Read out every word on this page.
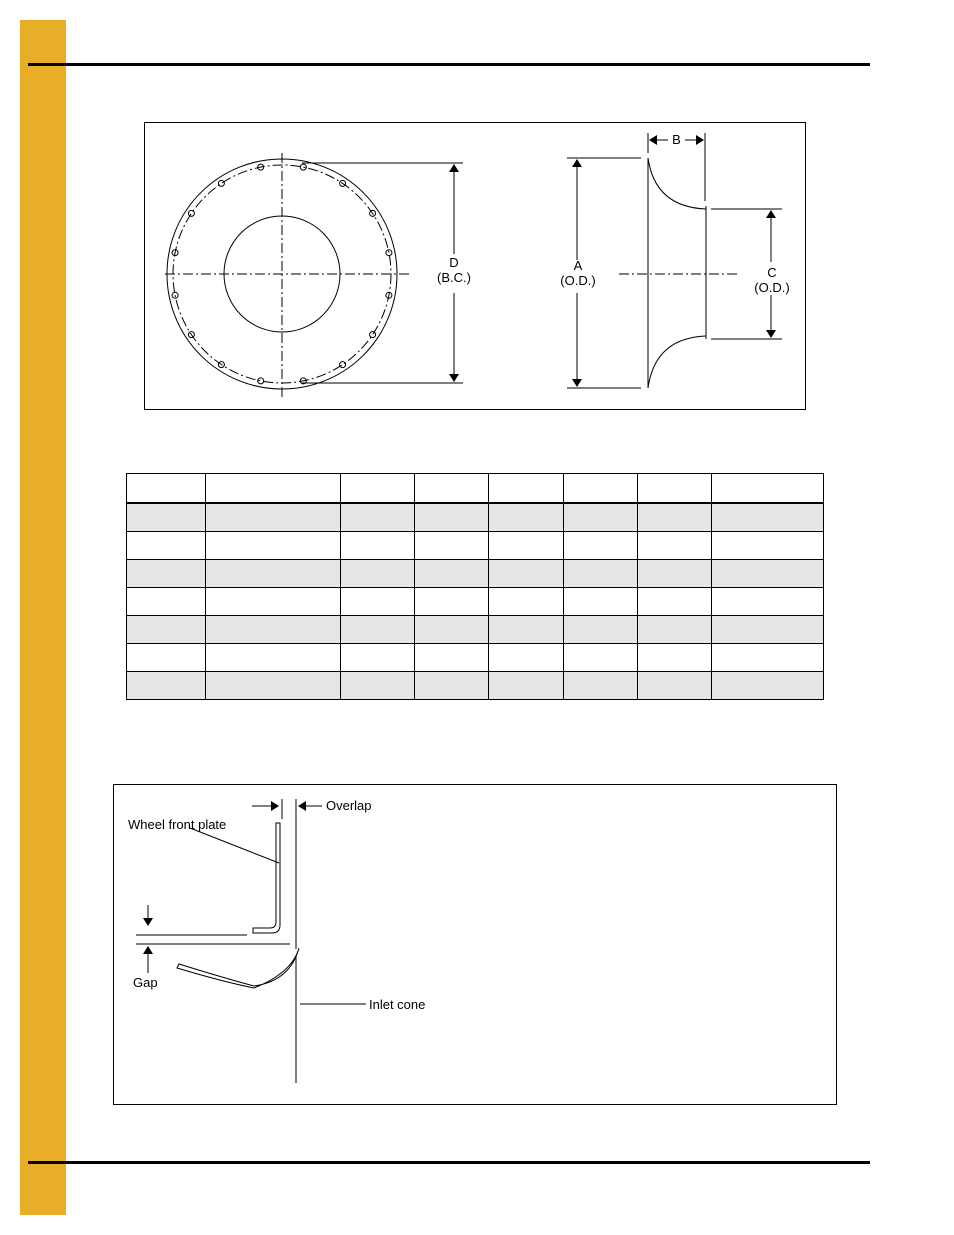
D
(B.C.)
A
(O.D.)
B
C
(O.D.)

Overlap
Wheel front plate
Gap
Inlet cone
